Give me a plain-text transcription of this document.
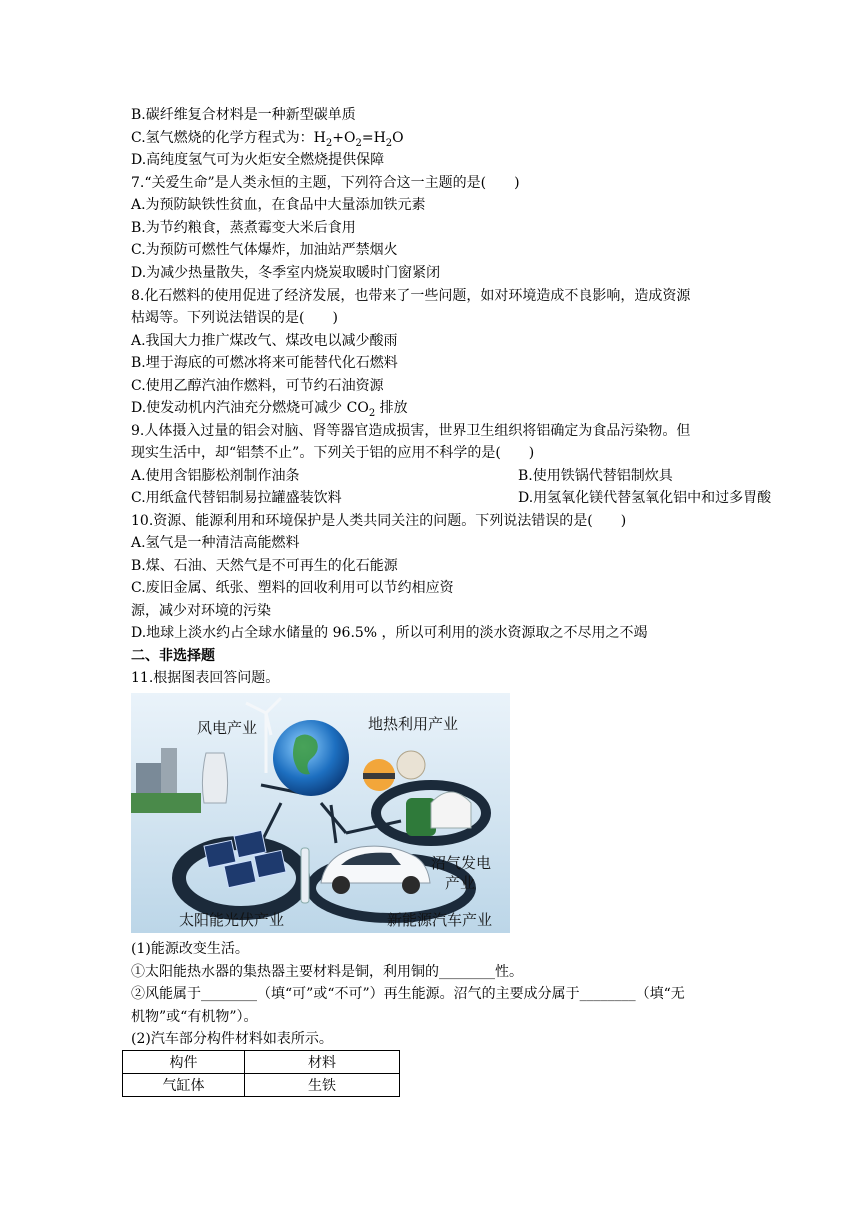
B.碳纤维复合材料是一种新型碳单质
C.氢气燃烧的化学方程式为：$H_2+O_2=H_2O$
D.高纯度氢气可为火炬安全燃烧提供保障
7.“关爱生命”是人类永恒的主题，下列符合这一主题的是(　　)
A.为预防缺铁性贫血，在食品中大量添加铁元素
B.为节约粮食，蒸煮霉变大米后食用
C.为预防可燃性气体爆炸，加油站严禁烟火
D.为减少热量散失，冬季室内烧炭取暖时门窗紧闭
8.化石燃料的使用促进了经济发展，也带来了一些问题，如对环境造成不良影响，造成资源
枯竭等。下列说法错误的是(　　)
A.我国大力推广煤改气、煤改电以减少酸雨
B.埋于海底的可燃冰将来可能替代化石燃料
C.使用乙醇汽油作燃料，可节约石油资源
D.使发动机内汽油充分燃烧可减少 $CO_2$ 排放
9.人体摄入过量的铝会对脑、肾等器官造成损害，世界卫生组织将铝确定为食品污染物。但
现实生活中，却“铝禁不止”。下列关于铝的应用不科学的是(　　)
A.使用含铝膨松剂制作油条	B.使用铁锅代替铝制炊具
C.用纸盒代替铝制易拉罐盛装饮料	D.用氢氧化镁代替氢氧化铝中和过多胃酸
10.资源、能源利用和环境保护是人类共同关注的问题。下列说法错误的是(　　)
A.氢气是一种清洁高能燃料
B.煤、石油、天然气是不可再生的化石能源
C.废旧金属、纸张、塑料的回收利用可以节约相应资
源，减少对环境的污染
D.地球上淡水约占全球水储量的 96.5% ，所以可利用的淡水资源取之不尽用之不竭
二、非选择题
11.根据图表回答问题。
风电产业	地热利用产业
沼气发电
产业
太阳能光伏产业	新能源汽车产业
(1)能源改变生活。
①太阳能热水器的集热器主要材料是铜，利用铜的________性。
②风能属于________（填“可”或“不可”）再生能源。沼气的主要成分属于________（填“无
机物”或“有机物”）。
(2)汽车部分构件材料如表所示。
构件	材料
气缸体	生铁
